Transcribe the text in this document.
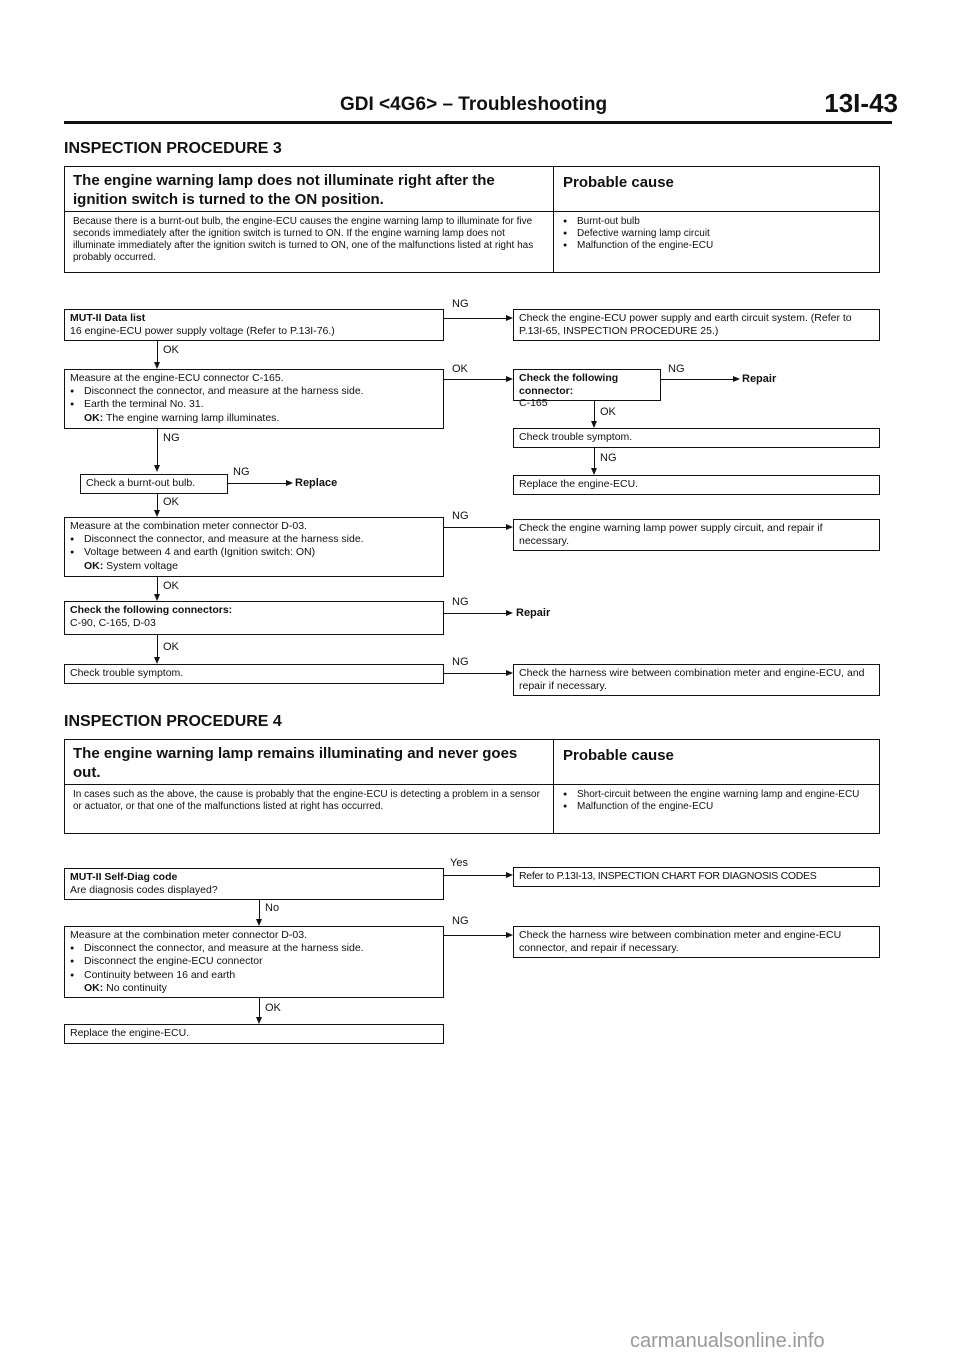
GDI <4G6> – Troubleshooting	13I-43
INSPECTION PROCEDURE 3
The engine warning lamp does not illuminate right after the ignition switch is turned to the ON position.
Probable cause
Because there is a burnt-out bulb, the engine-ECU causes the engine warning lamp to illuminate for five seconds immediately after the ignition switch is turned to ON. If the engine warning lamp does not illuminate immediately after the ignition switch is turned to ON, one of the malfunctions listed at right has probably occurred.
● Burnt-out bulb
● Defective warning lamp circuit
● Malfunction of the engine-ECU
MUT-II Data list
16 engine-ECU power supply voltage (Refer to P.13I-76.)
NG
Check the engine-ECU power supply and earth circuit system. (Refer to P.13I-65, INSPECTION PROCEDURE 25.)
OK
Measure at the engine-ECU connector C-165.
● Disconnect the connector, and measure at the harness side.
● Earth the terminal No. 31.
OK: The engine warning lamp illuminates.
OK
Check the following connector:
C-165
NG
Repair
OK
Check trouble symptom.
NG
Replace the engine-ECU.
NG
Check a burnt-out bulb.
NG
Replace
OK
Measure at the combination meter connector D-03.
● Disconnect the connector, and measure at the harness side.
● Voltage between 4 and earth (Ignition switch: ON)
OK: System voltage
NG
Check the engine warning lamp power supply circuit, and repair if necessary.
OK
Check the following connectors:
C-90, C-165, D-03
NG
Repair
OK
Check trouble symptom.
NG
Check the harness wire between combination meter and engine-ECU, and repair if necessary.
INSPECTION PROCEDURE 4
The engine warning lamp remains illuminating and never goes out.
Probable cause
In cases such as the above, the cause is probably that the engine-ECU is detecting a problem in a sensor or actuator, or that one of the malfunctions listed at right has occurred.
● Short-circuit between the engine warning lamp and engine-ECU
● Malfunction of the engine-ECU
MUT-II Self-Diag code
Are diagnosis codes displayed?
Yes
Refer to P.13I-13, INSPECTION CHART FOR DIAGNOSIS CODES
No
Measure at the combination meter connector D-03.
● Disconnect the connector, and measure at the harness side.
● Disconnect the engine-ECU connector
● Continuity between 16 and earth
OK: No continuity
NG
Check the harness wire between combination meter and engine-ECU connector, and repair if necessary.
OK
Replace the engine-ECU.
carmanualsonline.info
